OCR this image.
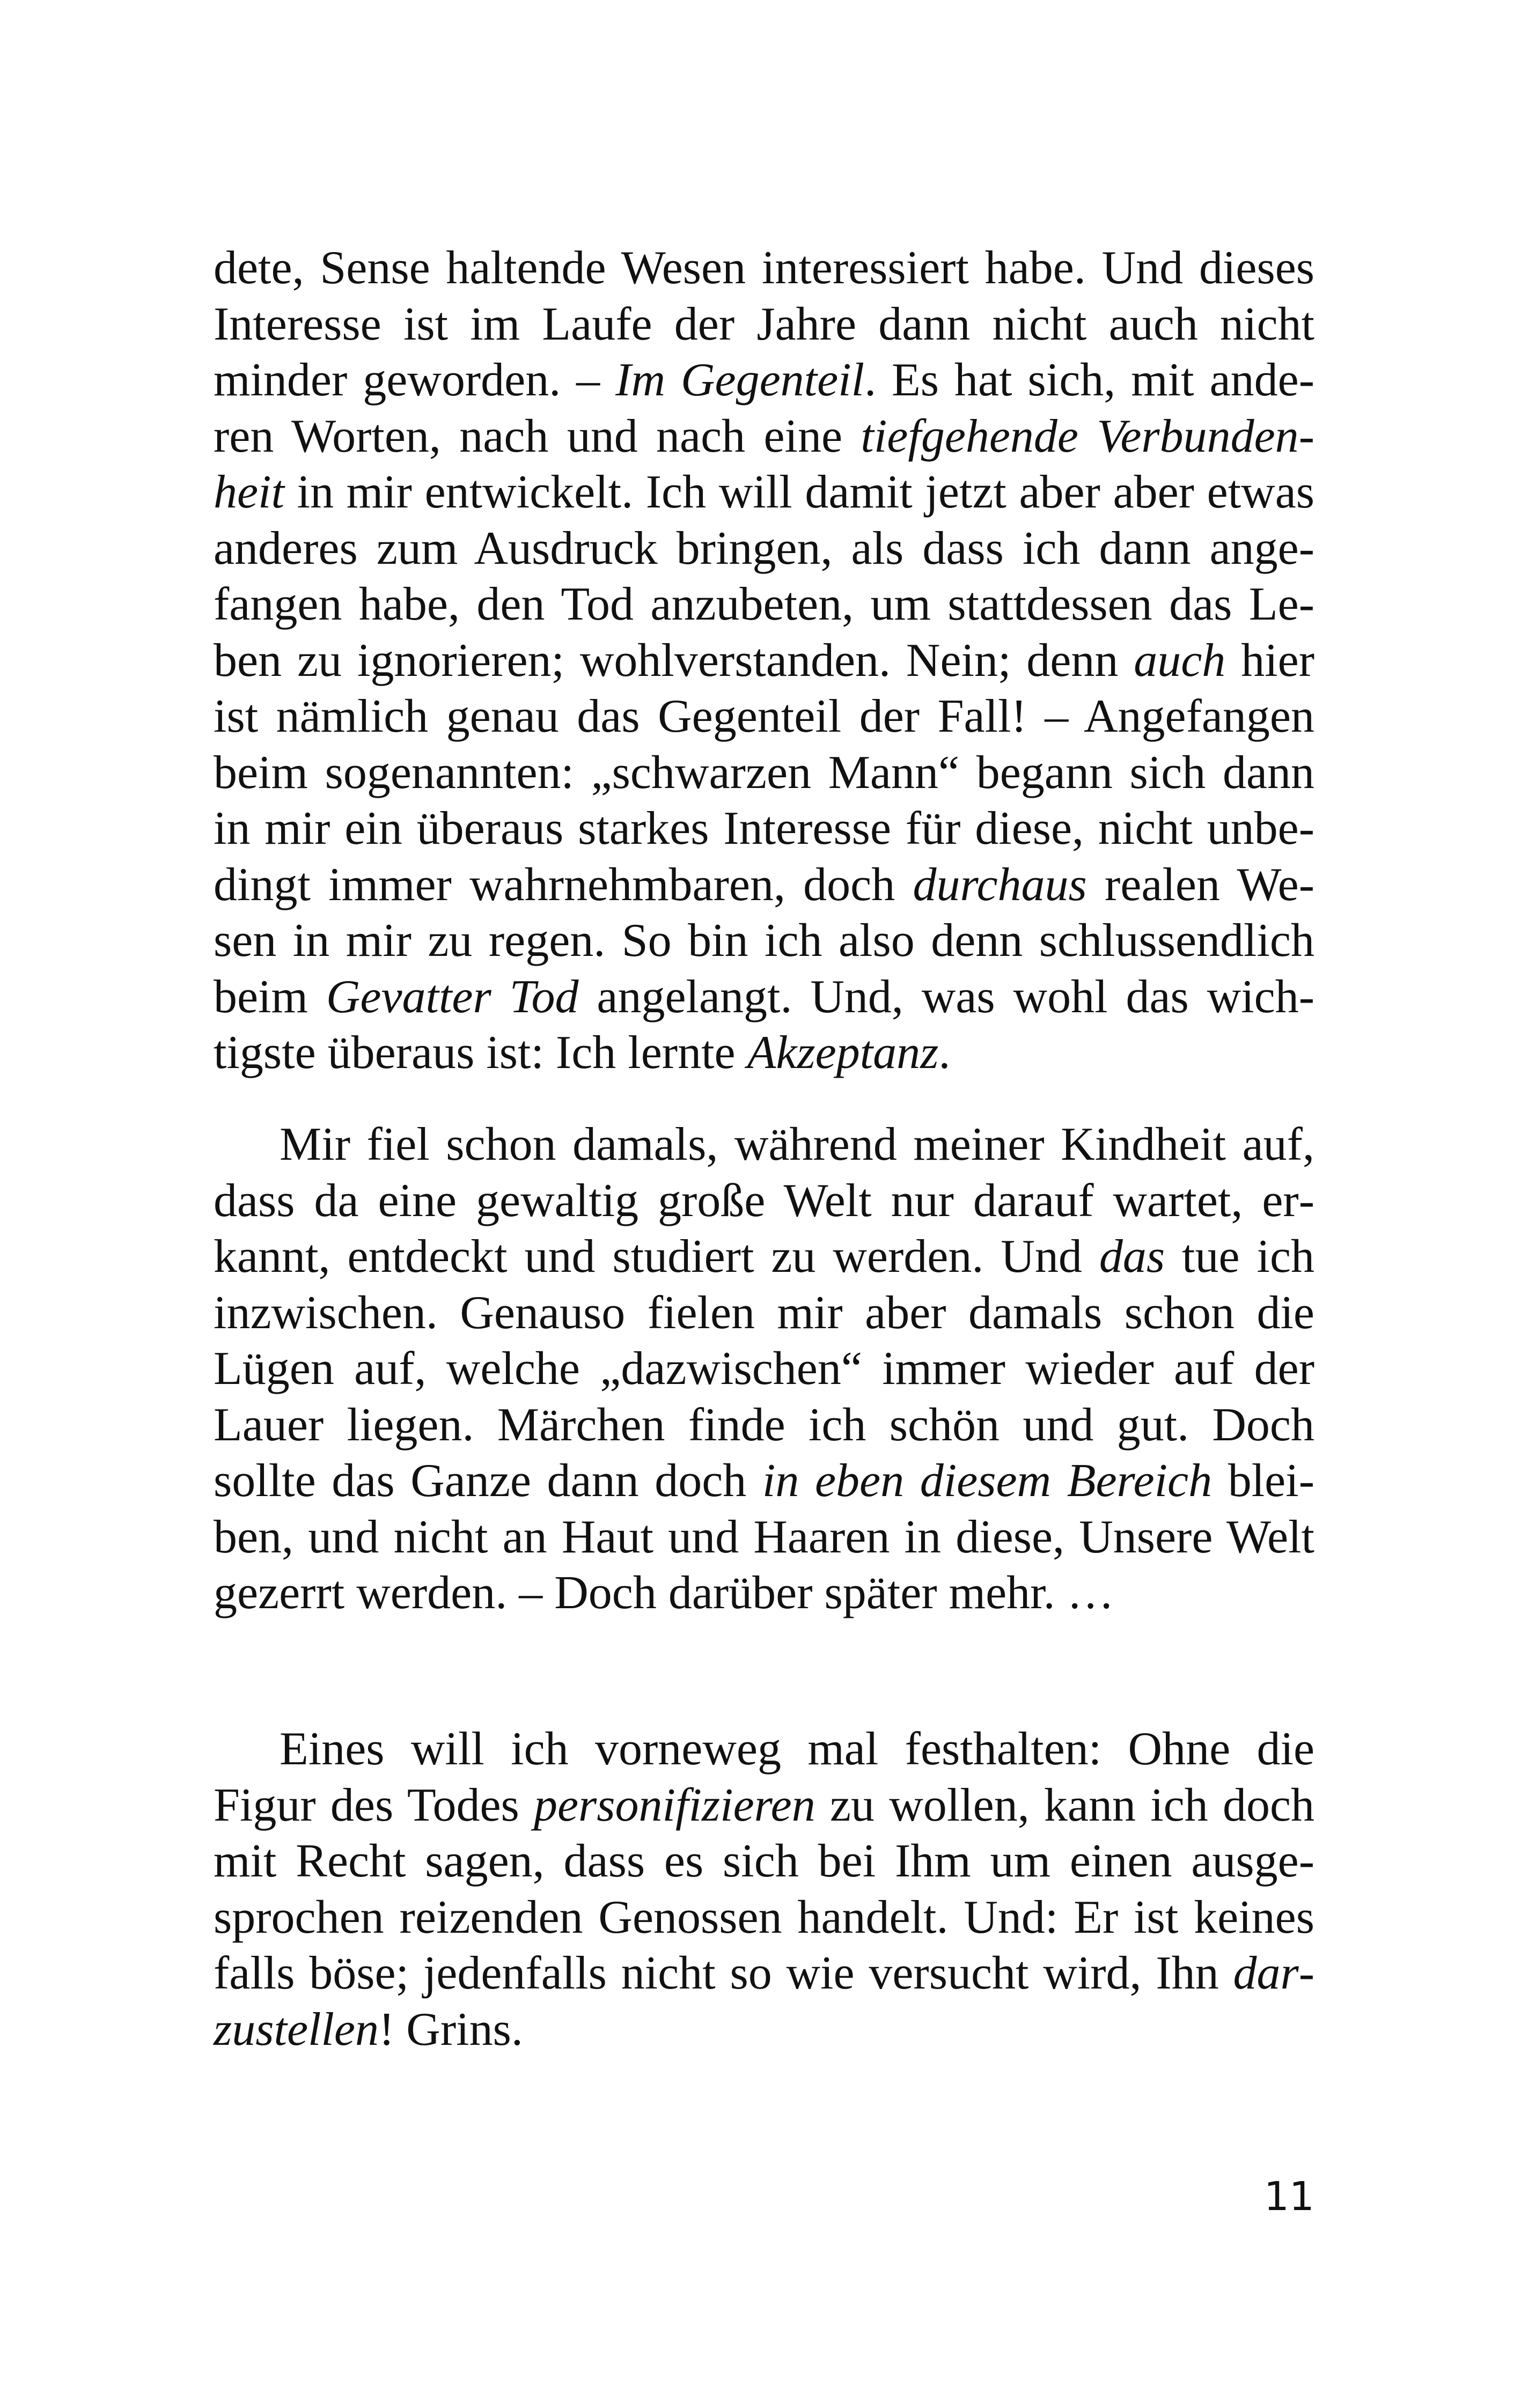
dete, Sense haltende Wesen interessiert habe. Und dieses Interesse ist im Laufe der Jahre dann nicht auch nicht minder geworden. – Im Gegenteil. Es hat sich, mit anderen Worten, nach und nach eine tiefgehende Verbundenheit in mir entwickelt. Ich will damit jetzt aber aber etwas anderes zum Ausdruck bringen, als dass ich dann angefangen habe, den Tod anzubeten, um stattdessen das Leben zu ignorieren; wohlverstanden. Nein; denn auch hier ist nämlich genau das Gegenteil der Fall! – Angefangen beim sogenannten: „schwarzen Mann“ begann sich dann in mir ein überaus starkes Interesse für diese, nicht unbedingt immer wahrnehmbaren, doch durchaus realen Wesen in mir zu regen. So bin ich also denn schlussendlich beim Gevatter Tod angelangt. Und, was wohl das wichtigste überaus ist: Ich lernte Akzeptanz.

Mir fiel schon damals, während meiner Kindheit auf, dass da eine gewaltig große Welt nur darauf wartet, erkannt, entdeckt und studiert zu werden. Und das tue ich inzwischen. Genauso fielen mir aber damals schon die Lügen auf, welche „dazwischen“ immer wieder auf der Lauer liegen. Märchen finde ich schön und gut. Doch sollte das Ganze dann doch in eben diesem Bereich bleiben, und nicht an Haut und Haaren in diese, Unsere Welt gezerrt werden. – Doch darüber später mehr. …

Eines will ich vorneweg mal festhalten: Ohne die Figur des Todes personifizieren zu wollen, kann ich doch mit Recht sagen, dass es sich bei Ihm um einen ausgesprochen reizenden Genossen handelt. Und: Er ist keines falls böse; jedenfalls nicht so wie versucht wird, Ihn darzustellen! Grins.

11
